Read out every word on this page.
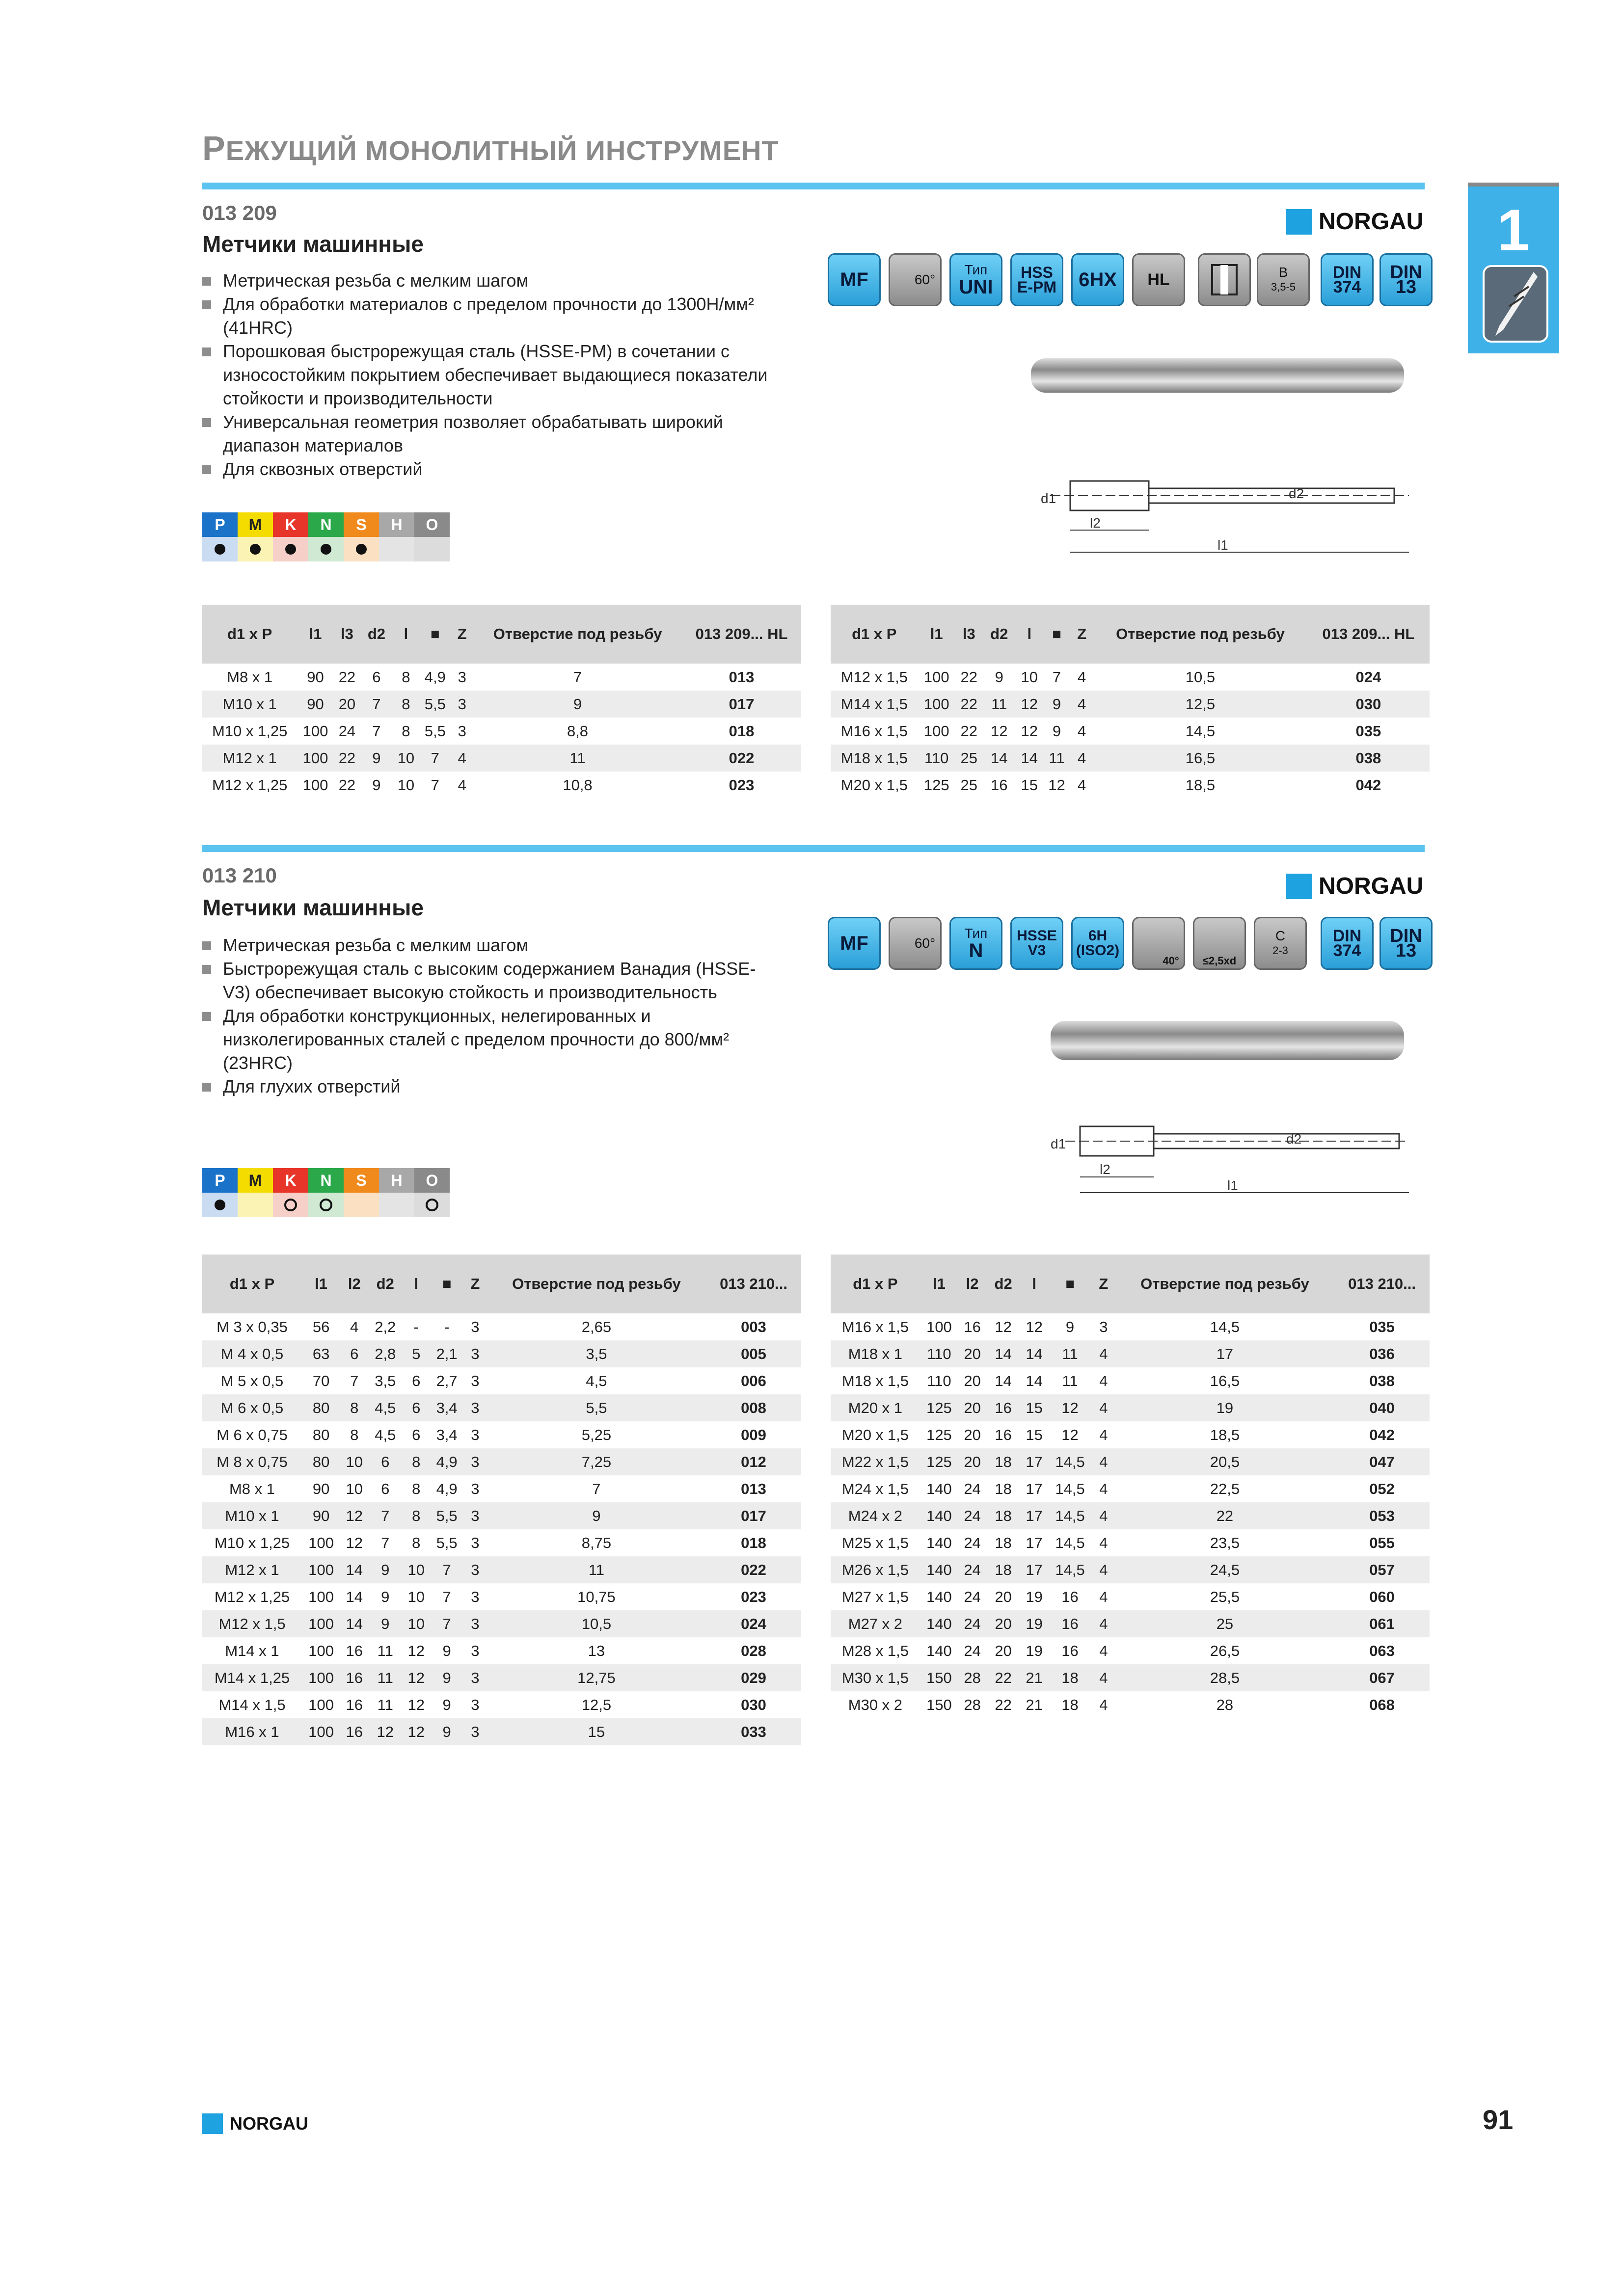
РЕЖУЩИЙ МОНОЛИТНЫЙ ИНСТРУМЕНТ
1
013 209
Метчики машинные
NORGAU
Метрическая резьба с мелким шагом
Для обработки материалов с пределом прочности до 1300Н/мм² (41HRC)
Порошковая быстрорежущая сталь (HSSE-PM) в сочетании с износостойким покрытием обеспечивает выдающиеся показатели стойкости и производительности
Универсальная геометрия позволяет обрабатывать широкий диапазон материалов
Для сквозных отверстий
MF	60°
Тип
UNI
HSS E-PM 6HX HL	B
3,5-5
DIN
374
DIN
13
d1	d2
l2
l1
P	M	K	N	S	H	O
d1 x P	l1	l3	d2	l	■	Z	Отверстие под резьбу	013 209... HL
M8 x 1	90	22	6	8	4,9	3	7	013
M10 x 1	90	20	7	8	5,5	3	9	017
M10 x 1,25	100	24	7	8	5,5	3	8,8	018
M12 x 1	100	22	9	10	7	4	11	022
M12 x 1,25	100	22	9	10	7	4	10,8	023
d1 x P	l1	l3	d2	l	■	Z	Отверстие под резьбу	013 209... HL
M12 x 1,5	100	22	9	10	7	4	10,5	024
M14 x 1,5	100	22	11	12	9	4	12,5	030
M16 x 1,5	100	22	12	12	9	4	14,5	035
M18 x 1,5	110	25	14	14	11	4	16,5	038
M20 x 1,5	125	25	16	15	12	4	18,5	042
013 210
Метчики машинные
NORGAU
Метрическая резьба с мелким шагом
Быстрорежущая сталь с высоким содержанием Ванадия (HSSE-V3) обеспечивает высокую стойкость и производительность
Для обработки конструкционных, нелегированных и низколегированных сталей с пределом прочности до 800/мм² (23HRC)
Для глухих отверстий
MF	60°
Тип
N
HSSE V3
6H (ISO2)
40° ≤2,5xd
C
2-3
DIN
374
DIN
13
d1	d2
l2
l1
P	M	K	N	S	H	O
d1 x P	l1	l2	d2	l	■	Z	Отверстие под резьбу	013 210...
M 3 x 0,35	56	4	2,2	-	-	3	2,65	003
M 4 x 0,5	63	6	2,8	5	2,1	3	3,5	005
M 5 x 0,5	70	7	3,5	6	2,7	3	4,5	006
M 6 x 0,5	80	8	4,5	6	3,4	3	5,5	008
M 6 x 0,75	80	8	4,5	6	3,4	3	5,25	009
M 8 x 0,75	80	10	6	8	4,9	3	7,25	012
M8 x 1	90	10	6	8	4,9	3	7	013
M10 x 1	90	12	7	8	5,5	3	9	017
M10 x 1,25	100	12	7	8	5,5	3	8,75	018
M12 x 1	100	14	9	10	7	3	11	022
M12 x 1,25	100	14	9	10	7	3	10,75	023
M12 x 1,5	100	14	9	10	7	3	10,5	024
M14 x 1	100	16	11	12	9	3	13	028
M14 x 1,25	100	16	11	12	9	3	12,75	029
M14 x 1,5	100	16	11	12	9	3	12,5	030
M16 x 1	100	16	12	12	9	3	15	033
d1 x P	l1	l2	d2	l	■	Z	Отверстие под резьбу	013 210...
M16 x 1,5	100	16	12	12	9	3	14,5	035
M18 x 1	110	20	14	14	11	4	17	036
M18 x 1,5	110	20	14	14	11	4	16,5	038
M20 x 1	125	20	16	15	12	4	19	040
M20 x 1,5	125	20	16	15	12	4	18,5	042
M22 x 1,5	125	20	18	17	14,5	4	20,5	047
M24 x 1,5	140	24	18	17	14,5	4	22,5	052
M24 x 2	140	24	18	17	14,5	4	22	053
M25 x 1,5	140	24	18	17	14,5	4	23,5	055
M26 x 1,5	140	24	18	17	14,5	4	24,5	057
M27 x 1,5	140	24	20	19	16	4	25,5	060
M27 x 2	140	24	20	19	16	4	25	061
M28 x 1,5	140	24	20	19	16	4	26,5	063
M30 x 1,5	150	28	22	21	18	4	28,5	067
M30 x 2	150	28	22	21	18	4	28	068
NORGAU	91
